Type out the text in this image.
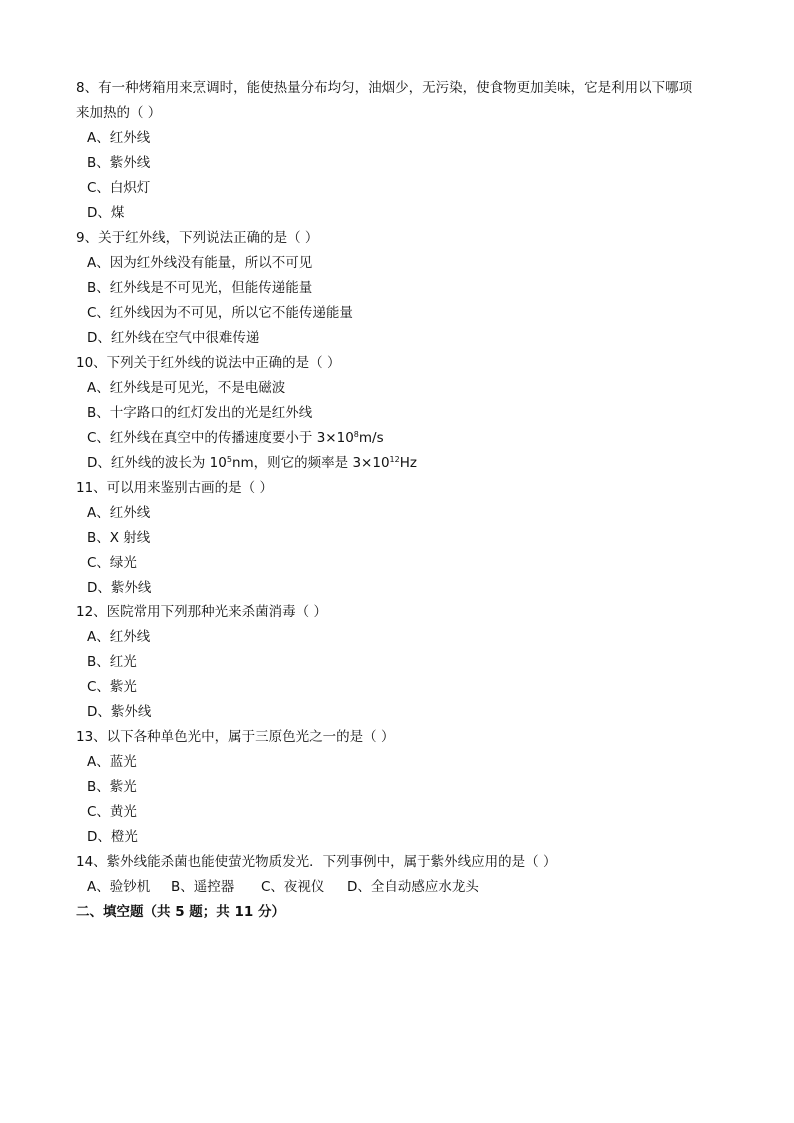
8、有一种烤箱用来烹调时，能使热量分布均匀，油烟少，无污染，使食物更加美味，它是利用以下哪项
来加热的（ ）
A、红外线
B、紫外线
C、白炽灯
D、煤
9、关于红外线，下列说法正确的是（ ）
A、因为红外线没有能量，所以不可见
B、红外线是不可见光，但能传递能量
C、红外线因为不可见，所以它不能传递能量
D、红外线在空气中很难传递
10、下列关于红外线的说法中正确的是（ ）
A、红外线是可见光，不是电磁波
B、十字路口的红灯发出的光是红外线
C、红外线在真空中的传播速度要小于 $3\times 10^8m/s$
D、红外线的波长为 $10^5nm$，则它的频率是 $3\times 10^{12}Hz$
11、可以用来鉴别古画的是（ ）
A、红外线
B、X 射线
C、绿光
D、紫外线
12、医院常用下列那种光来杀菌消毒（ ）
A、红外线
B、红光
C、紫光
D、紫外线
13、以下各种单色光中，属于三原色光之一的是（ ）
A、蓝光
B、紫光
C、黄光
D、橙光
14、紫外线能杀菌也能使萤光物质发光．下列事例中，属于紫外线应用的是（ ）
A、验钞机 B、遥控器 C、夜视仪 D、全自动感应水龙头
二、填空题（共 5 题；共 11 分）
